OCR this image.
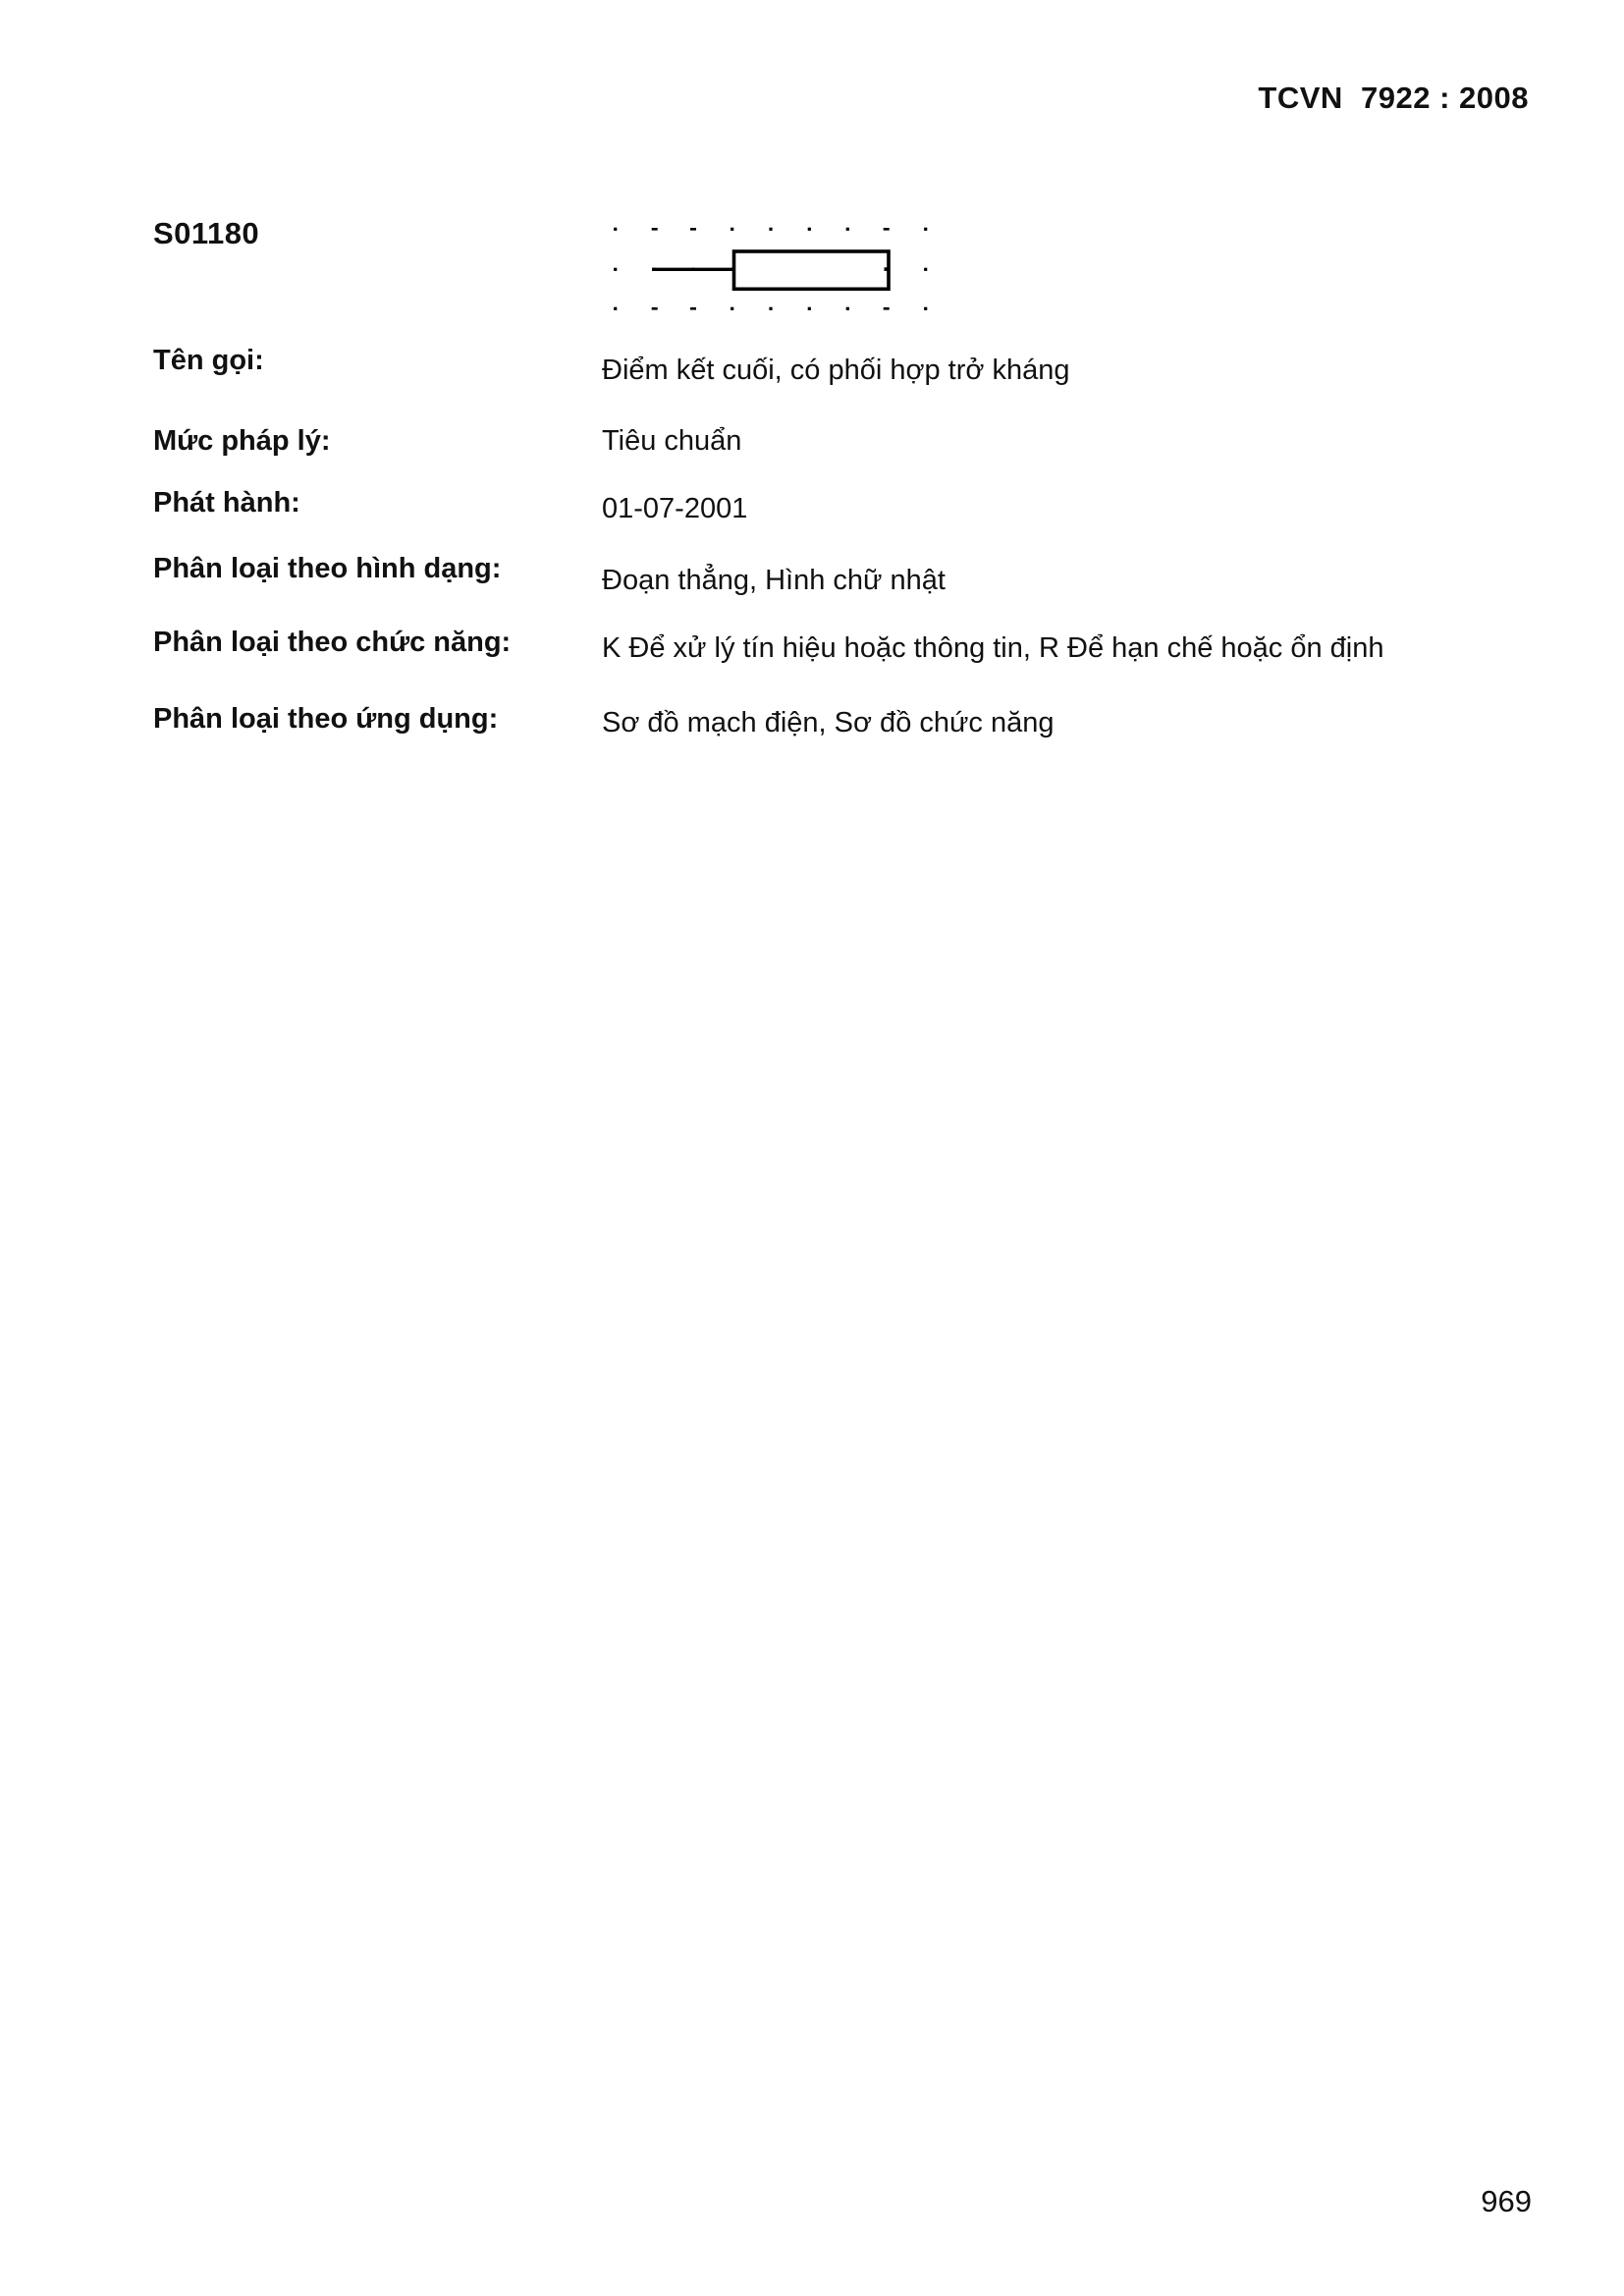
TCVN  7922 : 2008
S01180
Tên gọi:	Điểm kết cuối, có phối hợp trở kháng
Mức pháp lý:	Tiêu chuẩn
Phát hành:	01-07-2001
Phân loại theo hình dạng:	Đoạn thẳng, Hình chữ nhật
Phân loại theo chức năng:	K Để xử lý tín hiệu hoặc thông tin, R Để hạn chế hoặc ổn định
Phân loại theo ứng dụng:	Sơ đồ mạch điện, Sơ đồ chức năng
969
